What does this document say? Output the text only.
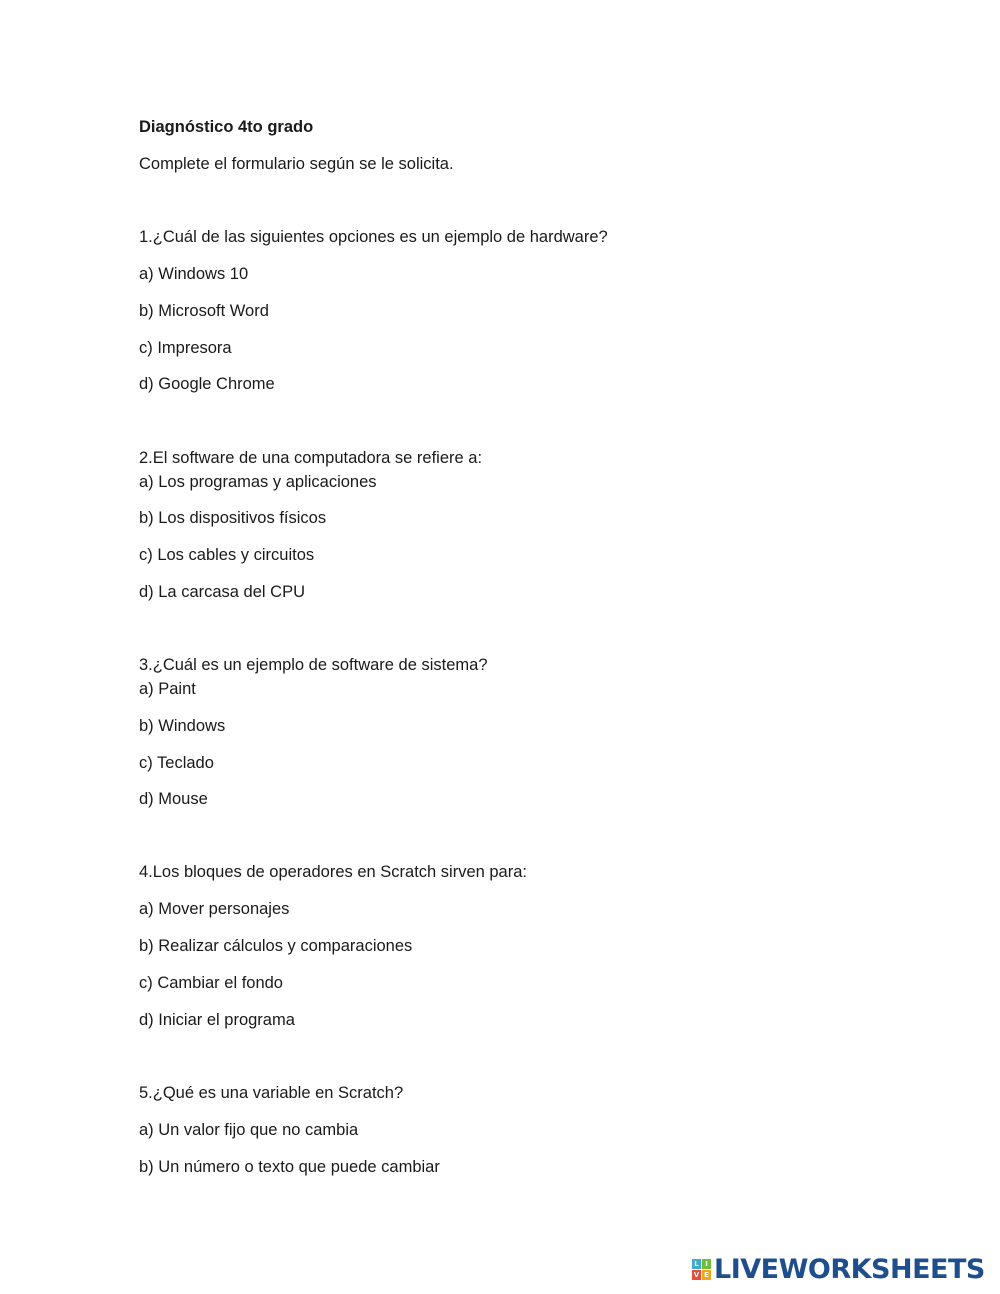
Diagnóstico 4to grado
Complete el formulario según se le solicita.
1.¿Cuál de las siguientes opciones es un ejemplo de hardware?
a) Windows 10
b) Microsoft Word
c) Impresora
d) Google Chrome
2.El software de una computadora se refiere a:
a) Los programas y aplicaciones
b) Los dispositivos físicos
c) Los cables y circuitos
d) La carcasa del CPU
3.¿Cuál es un ejemplo de software de sistema?
a) Paint
b) Windows
c) Teclado
d) Mouse
4.Los bloques de operadores en Scratch sirven para:
a) Mover personajes
b) Realizar cálculos y comparaciones
c) Cambiar el fondo
d) Iniciar el programa
5.¿Qué es una variable en Scratch?
a) Un valor fijo que no cambia
b) Un número o texto que puede cambiar
L I
V E LIVEWORKSHEETS
